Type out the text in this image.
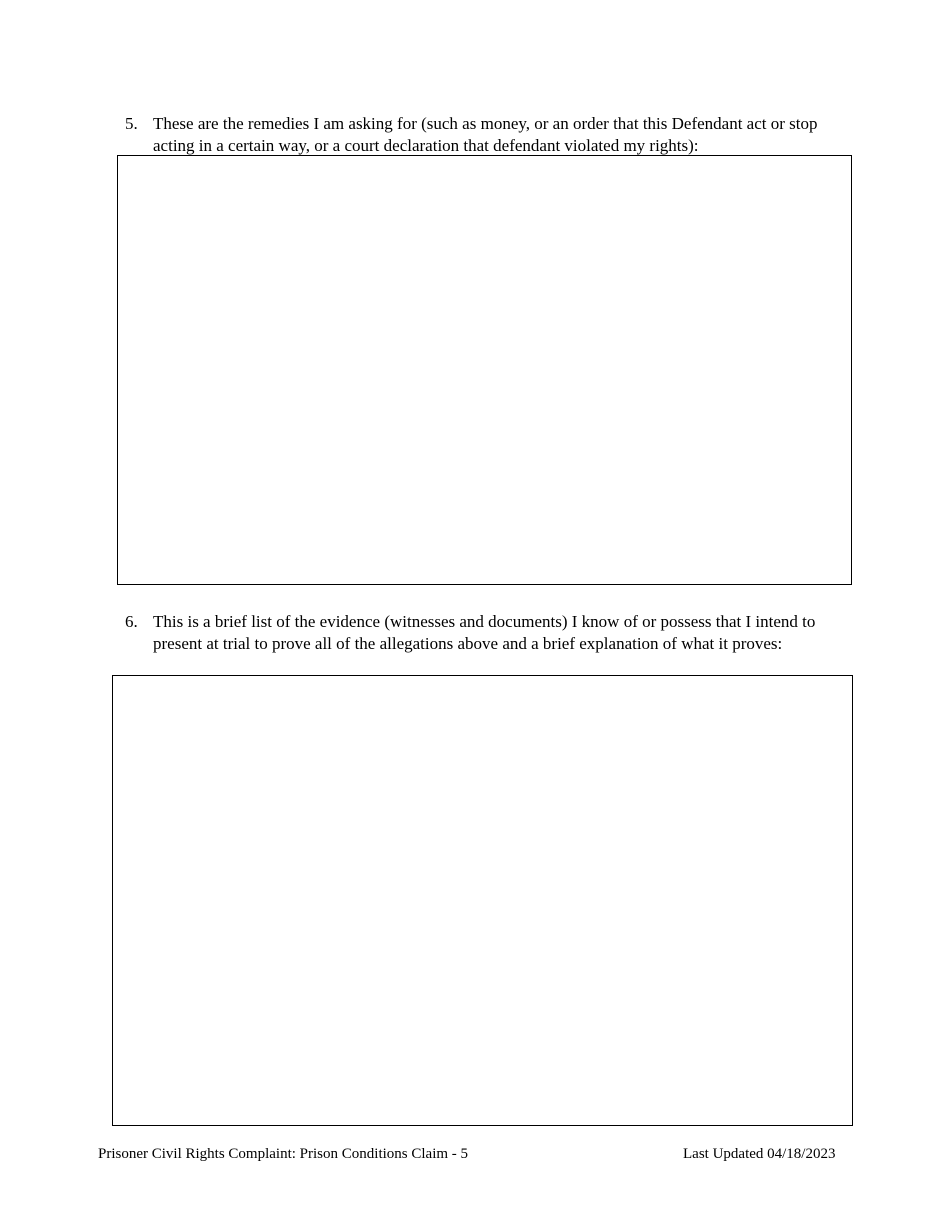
5. These are the remedies I am asking for (such as money, or an order that this Defendant act or stop acting in a certain way, or a court declaration that defendant violated my rights):
6. This is a brief list of the evidence (witnesses and documents) I know of or possess that I intend to present at trial to prove all of the allegations above and a brief explanation of what it proves:
Prisoner Civil Rights Complaint: Prison Conditions Claim - 5	Last Updated 04/18/2023
